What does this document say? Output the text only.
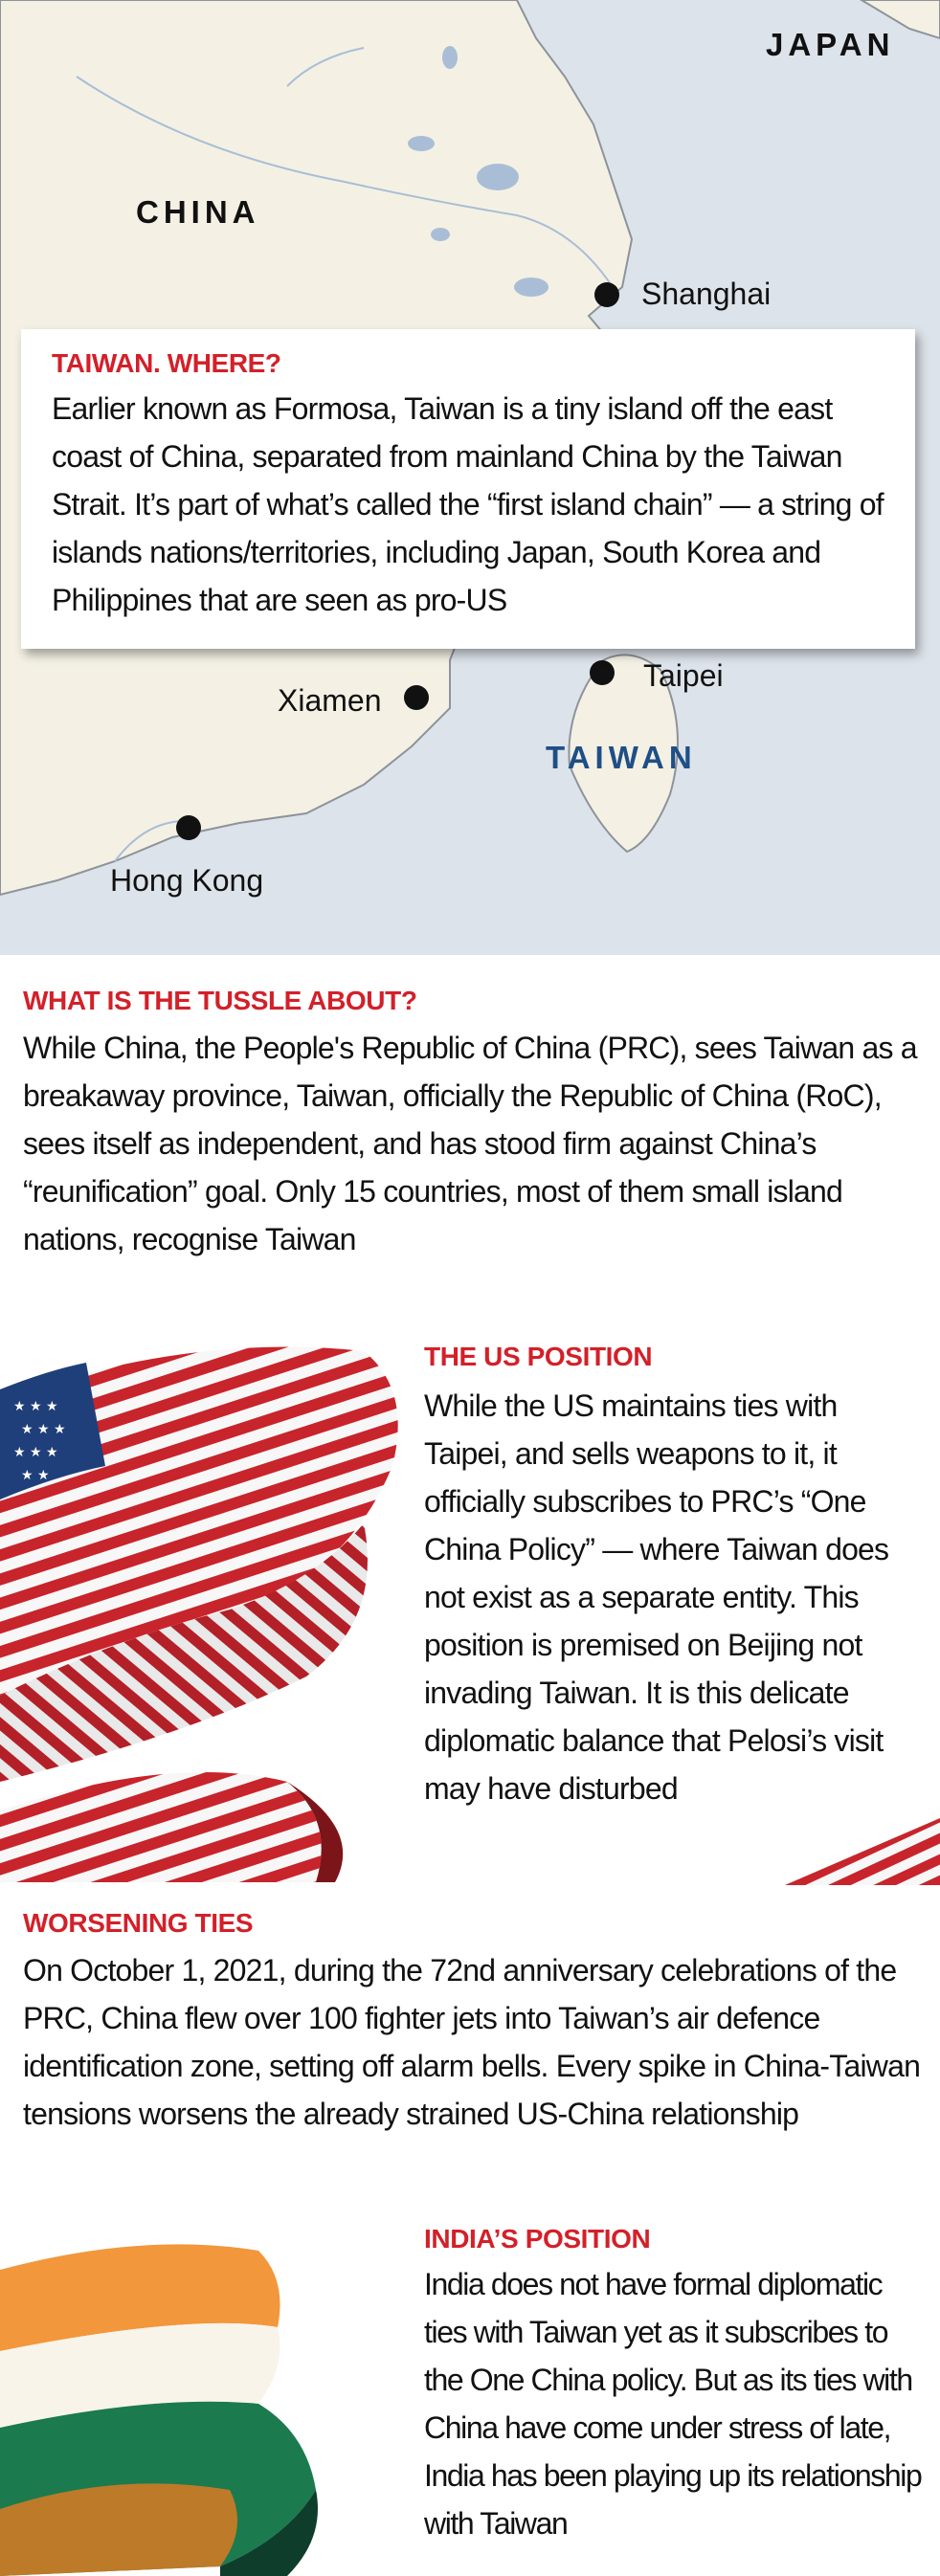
JAPAN
CHINA
TAIWAN
Shanghai
Taipei
Xiamen
Hong Kong

TAIWAN. WHERE?

Earlier known as Formosa, Taiwan is a tiny island off the east coast of China, separated from mainland China by the Taiwan Strait. It’s part of what’s called the “first island chain” — a string of islands nations/territories, including Japan, South Korea and Philippines that are seen as pro-US

WHAT IS THE TUSSLE ABOUT?

While China, the People's Republic of China (PRC), sees Taiwan as a breakaway province, Taiwan, officially the Republic of China (RoC), sees itself as independent, and has stood firm against China’s “reunification” goal. Only 15 countries, most of them small island nations, recognise Taiwan

★ ★ ★
★ ★ ★
★ ★ ★
★ ★

THE US POSITION

While the US maintains ties with Taipei, and sells weapons to it, it officially subscribes to PRC’s “One China Policy” — where Taiwan does not exist as a separate entity. This position is premised on Beijing not invading Taiwan. It is this delicate diplomatic balance that Pelosi’s visit may have disturbed

WORSENING TIES

On October 1, 2021, during the 72nd anniversary celebrations of the PRC, China flew over 100 fighter jets into Taiwan’s air defence identification zone, setting off alarm bells. Every spike in China-Taiwan tensions worsens the already strained US-China relationship

INDIA’S POSITION

India does not have formal diplomatic ties with Taiwan yet as it subscribes to the One China policy. But as its ties with China have come under stress of late, India has been playing up its relationship with Taiwan
